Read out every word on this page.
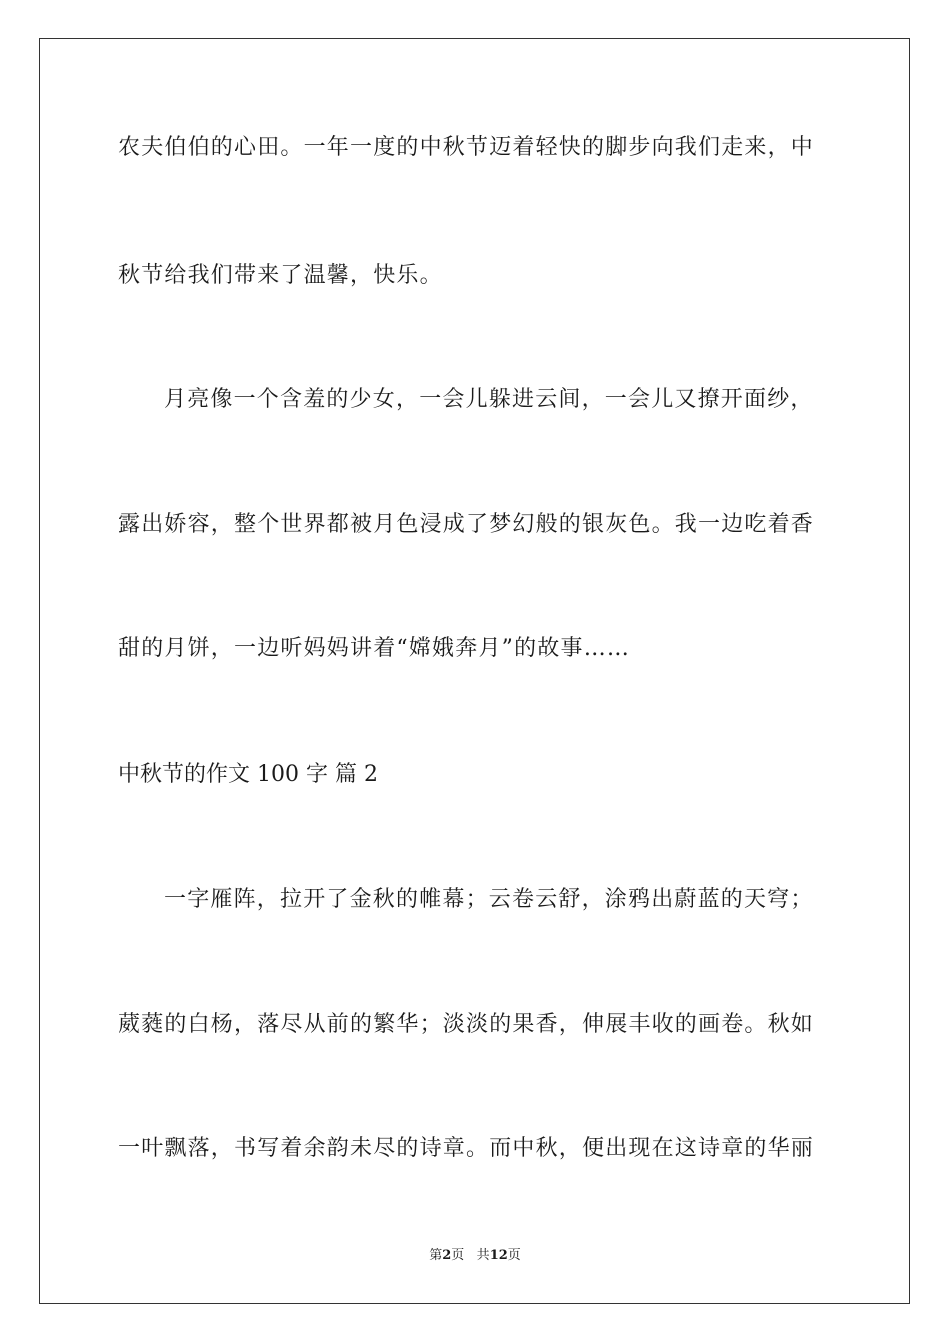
农夫伯伯的心田。一年一度的中秋节迈着轻快的脚步向我们走来，中
秋节给我们带来了温馨，快乐。
月亮像一个含羞的少女，一会儿躲进云间，一会儿又撩开面纱，
露出娇容，整个世界都被月色浸成了梦幻般的银灰色。我一边吃着香
甜的月饼，一边听妈妈讲着“嫦娥奔月”的故事……
中秋节的作文 100 字 篇 2
一字雁阵，拉开了金秋的帷幕；云卷云舒，涂鸦出蔚蓝的天穹；
葳蕤的白杨，落尽从前的繁华；淡淡的果香，伸展丰收的画卷。秋如
一叶飘落，书写着余韵未尽的诗章。而中秋，便出现在这诗章的华丽
第2页 共12页
